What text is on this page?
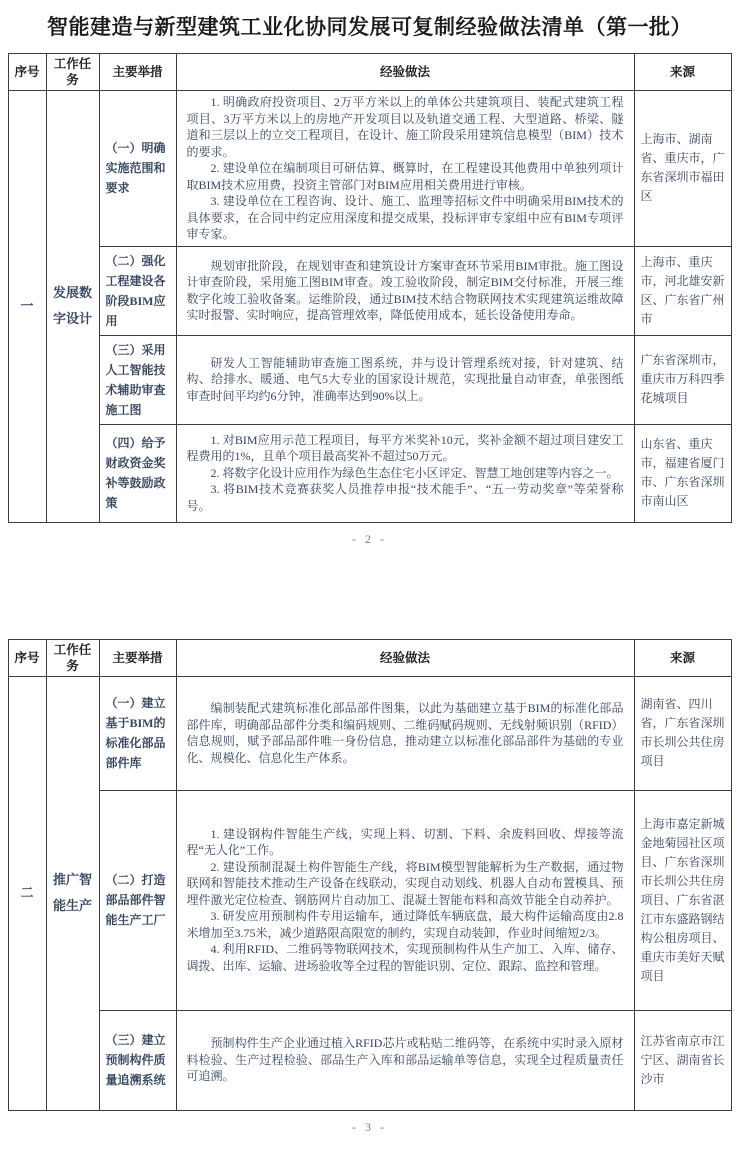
智能建造与新型建筑工业化协同发展可复制经验做法清单（第一批）
序号	工作任务	主要举措	经验做法	来源
一	发展数字设计	（一）明确实施范围和要求	1. 明确政府投资项目、2万平方米以上的单体公共建筑项目、装配式建筑工程项目、3万平方米以上的房地产开发项目以及轨道交通工程、大型道路、桥梁、隧道和三层以上的立交工程项目，在设计、施工阶段采用建筑信息模型（BIM）技术的要求。

2. 建设单位在编制项目可研估算、概算时，在工程建设其他费用中单独列项计取BIM技术应用费，投资主管部门对BIM应用相关费用进行审核。

3. 建设单位在工程咨询、设计、施工、监理等招标文件中明确采用BIM技术的具体要求，在合同中约定应用深度和提交成果，投标评审专家组中应有BIM专项评审专家。	上海市、湖南省、重庆市，广东省深圳市福田区
		（二）强化工程建设各阶段BIM应用	规划审批阶段，在规划审查和建筑设计方案审查环节采用BIM审批。施工图设计审查阶段，采用施工图BIM审查。竣工验收阶段，制定BIM交付标准，开展三维数字化竣工验收备案。运维阶段，通过BIM技术结合物联网技术实现建筑运维故障实时报警、实时响应，提高管理效率，降低使用成本，延长设备使用寿命。	上海市、重庆市，河北雄安新区、广东省广州市
		（三）采用人工智能技术辅助审查施工图	研发人工智能辅助审查施工图系统，并与设计管理系统对接，针对建筑、结构、给排水、暖通、电气5大专业的国家设计规范，实现批量自动审查，单张图纸审查时间平均约6分钟，准确率达到90%以上。	广东省深圳市，重庆市万科四季花城项目
		（四）给予财政资金奖补等鼓励政策	1. 对BIM应用示范工程项目，每平方米奖补10元，奖补金额不超过项目建安工程费用的1%，且单个项目最高奖补不超过50万元。

2. 将数字化设计应用作为绿色生态住宅小区评定、智慧工地创建等内容之一。

3. 将BIM技术竞赛获奖人员推荐申报“技术能手”、“五一劳动奖章”等荣誉称号。	山东省、重庆市，福建省厦门市、广东省深圳市南山区
- 2 -
序号	工作任务	主要举措	经验做法	来源
二	推广智能生产	（一）建立基于BIM的标准化部品部件库	编制装配式建筑标准化部品部件图集，以此为基础建立基于BIM的标准化部品部件库，明确部品部件分类和编码规则、二维码赋码规则、无线射频识别（RFID）信息规则，赋予部品部件唯一身份信息，推动建立以标准化部品部件为基础的专业化、规模化、信息化生产体系。	湖南省、四川省，广东省深圳市长圳公共住房项目
		（二）打造部品部件智能生产工厂	1. 建设钢构件智能生产线，实现上料、切割、下料、余废料回收、焊接等流程“无人化”工作。

2. 建设预制混凝土构件智能生产线，将BIM模型智能解析为生产数据，通过物联网和智能技术推动生产设备在线联动，实现自动划线、机器人自动布置模具、预埋件激光定位检查、钢筋网片自动加工、混凝土智能布料和高效节能全自动养护。

3. 研发应用预制构件专用运输车，通过降低车辆底盘，最大构件运输高度由2.8米增加至3.75米，减少道路限高限宽的制约，实现自动装卸，作业时间缩短2/3。

4. 利用RFID、二维码等物联网技术，实现预制构件从生产加工、入库、储存、调拨、出库、运输、进场验收等全过程的智能识别、定位、跟踪、监控和管理。	上海市嘉定新城金地菊园社区项目、广东省深圳市长圳公共住房项目、广东省湛江市东盛路钢结构公租房项目、重庆市美好天赋项目
		（三）建立预制构件质量追溯系统	预制构件生产企业通过植入RFID芯片或粘贴二维码等，在系统中实时录入原材料检验、生产过程检验、部品生产入库和部品运输单等信息，实现全过程质量责任可追溯。	江苏省南京市江宁区、湖南省长沙市
- 3 -
